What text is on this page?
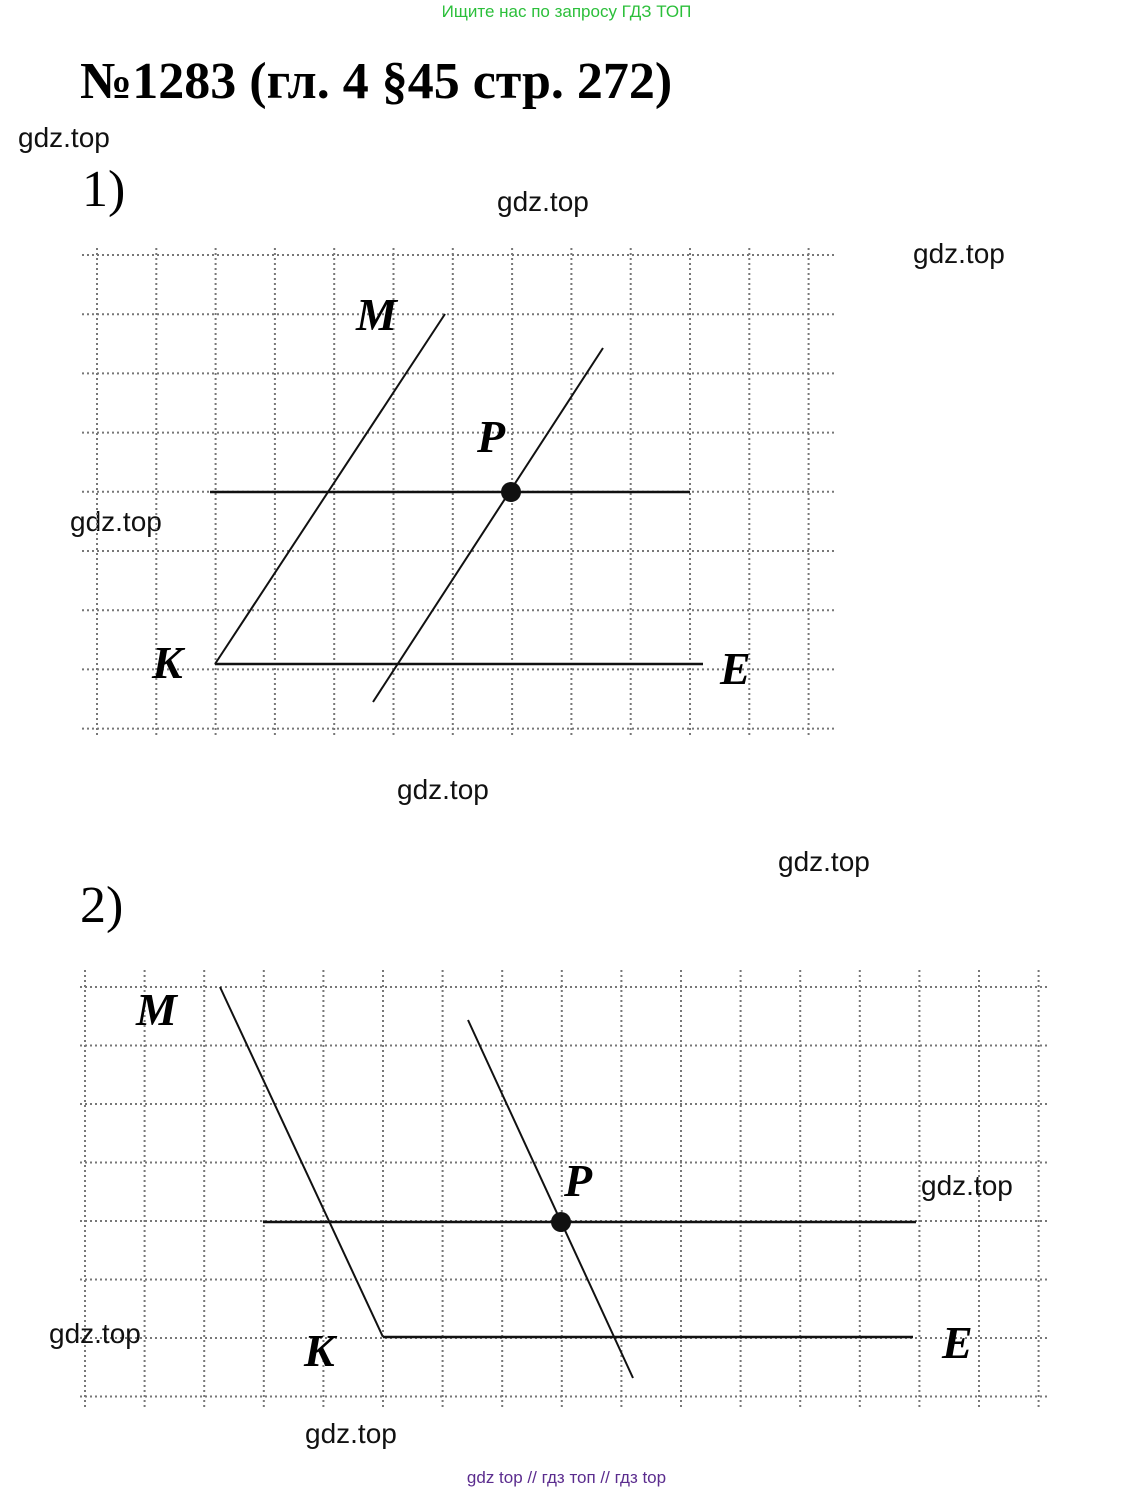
Ищите нас по запросу ГДЗ ТОП
№1283 (гл. 4 §45 стр. 272)
gdz.top
1)	gdz.top
gdz.top
gdz.top
gdz.top
gdz.top
2)
M
P
K	E
M
P
K	E
gdz.top
gdz.top
gdz.top
gdz top // гдз топ // гдз top
